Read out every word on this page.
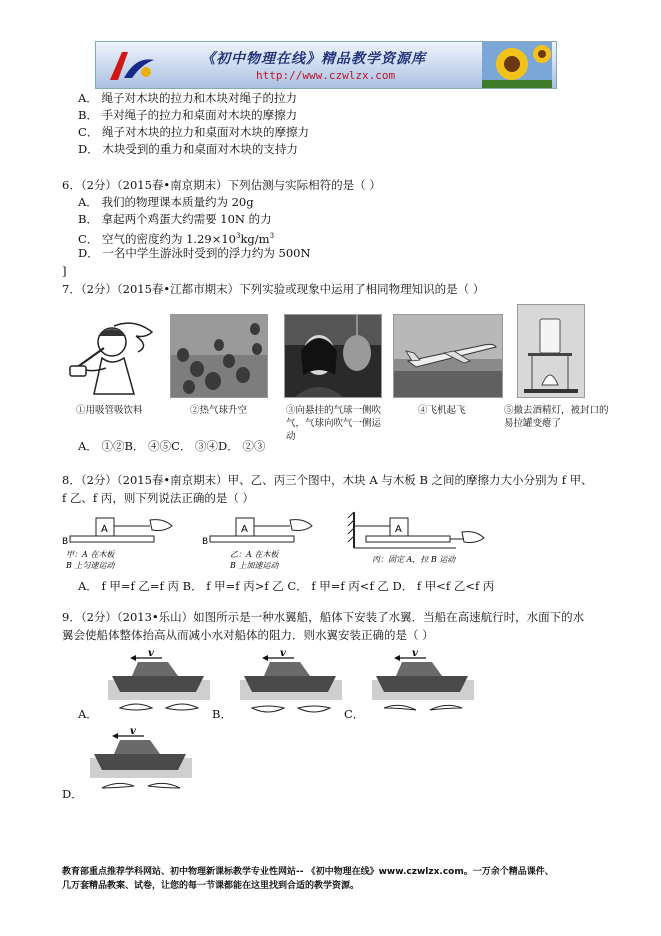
《初中物理在线》精品教学资源库
http://www.czwlzx.com
A． 绳子对木块的拉力和木块对绳子的拉力
B． 手对绳子的拉力和桌面对木块的摩擦力
C． 绳子对木块的拉力和桌面对木块的摩擦力
D． 木块受到的重力和桌面对木块的支持力
6．（2分）（2015春•南京期末）下列估测与实际相符的是（ ）
A． 我们的物理课本质量约为 20g
B． 拿起两个鸡蛋大约需要 10N 的力
C． 空气的密度约为 $1.29\times 10^3kg/m^3$
D． 一名中学生游泳时受到的浮力约为 500N
]
7．（2分）（2015春•江都市期末）下列实验或现象中运用了相同物理知识的是（ ）
①用吸管吸饮料	②热气球升空	③向悬挂的气球一侧吹气，气球向吹气一侧运动
④飞机起飞	⑤撤去酒精灯，被封口的易拉罐变瘪了
A． ①②B． ④⑤C． ③④D． ②③
8．（2分）（2015春•南京期末）甲、乙、丙三个图中，木块 A 与木板 B 之间的摩擦力大小分别为 f 甲、
f 乙、f 丙，则下列说法正确的是（ ）
A
B
甲：A 在木板
B 上匀速运动
A
B
乙：A 在木板
B 上加速运动
A
丙：固定 A，拉 B 运动
A． f 甲=f 乙=f 丙 B． f 甲=f 丙>f 乙 C． f 甲=f 丙<f 乙 D． f 甲<f 乙<f 丙
9．（2分）（2013•乐山）如图所示是一种水翼船，船体下安装了水翼．当船在高速航行时，水面下的水
翼会使船体整体抬高从而减小水对船体的阻力．则水翼安装正确的是（ ）
v
A．
v
B．
v
C．
v
D．
教育部重点推荐学科网站、初中物理新课标教学专业性网站-- 《初中物理在线》www.czwlzx.com。一万余个精品课件、
几万套精品教案、试卷，让您的每一节课都能在这里找到合适的教学资源。
